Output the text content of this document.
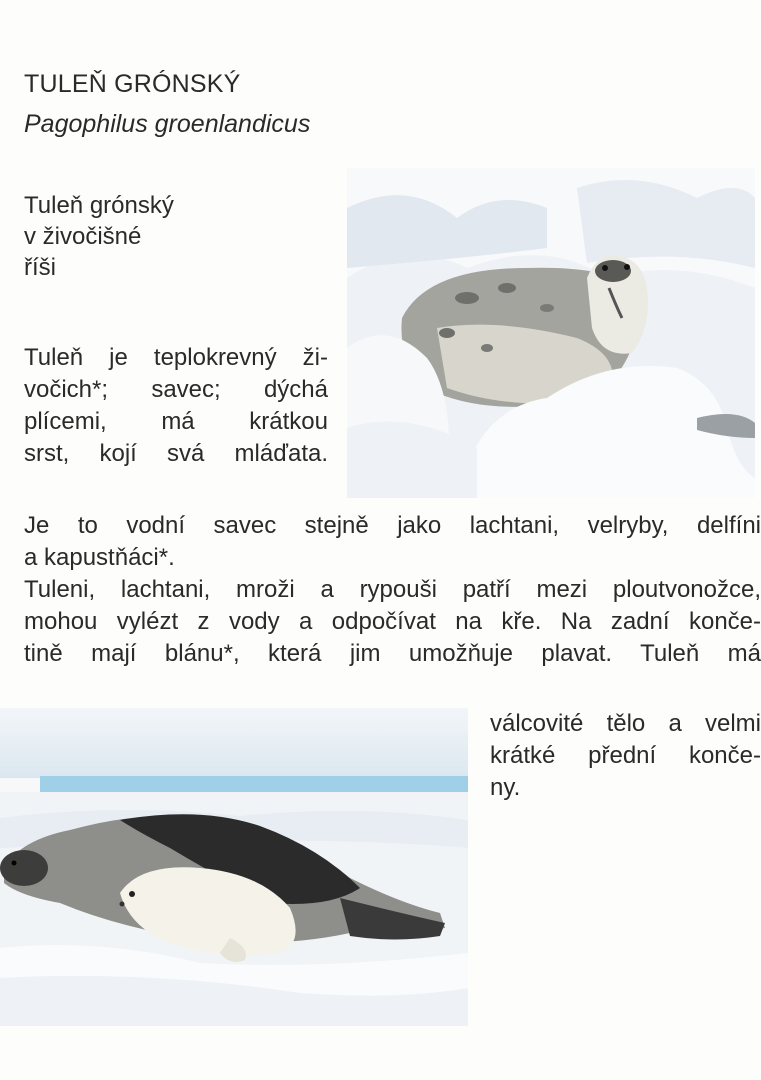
TULEŇ GRÓNSKÝ
Pagophilus groenlandicus
Tuleň grónský
v živočišné
říši
Tuleň je teplokrevný ži-
vočich*; savec; dýchá
plícemi, má krátkou
srst, kojí svá mláďata.
Je to vodní savec stejně jako lachtani, velryby, delfíni
a kapustňáci*.
Tuleni, lachtani, mroži a rypouši patří mezi ploutvonožce,
mohou vylézt z vody a odpočívat na kře. Na zadní konče-
tině mají blánu*, která jim umožňuje plavat. Tuleň má
válcovité tělo a velmi
krátké přední konče-
ny.
